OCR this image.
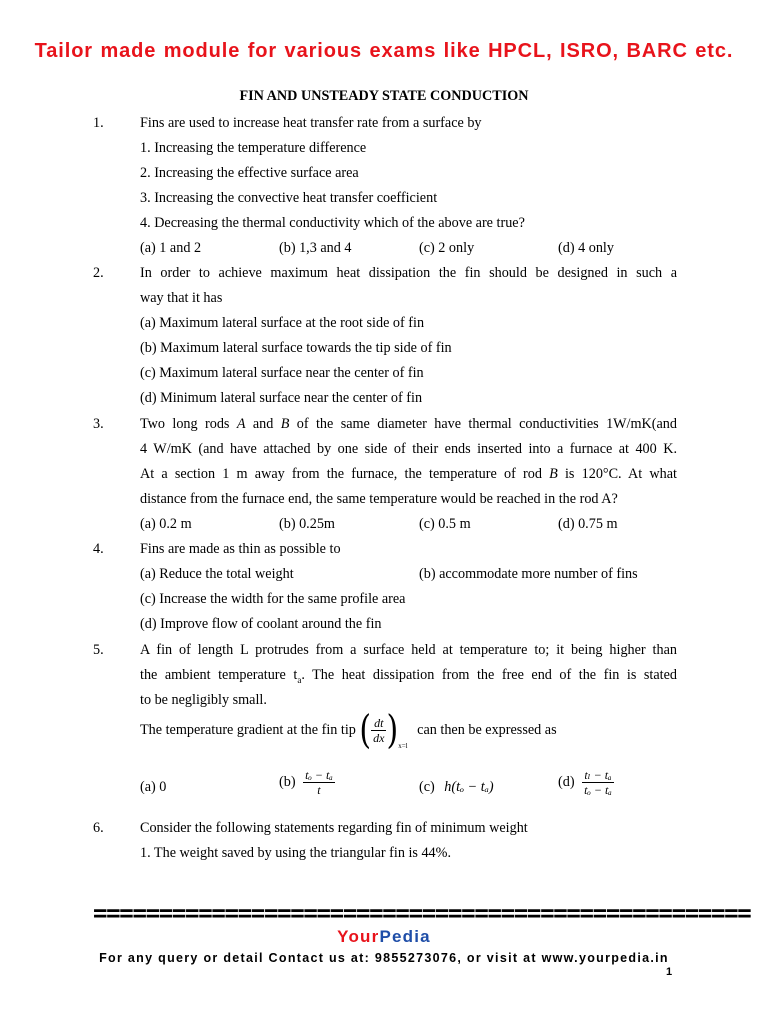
Tailor made module for various exams like HPCL, ISRO, BARC etc.
FIN AND UNSTEADY STATE CONDUCTION
1.	Fins are used to increase heat transfer rate from a surface by
1. Increasing the temperature difference
2. Increasing the effective surface area
3. Increasing the convective heat transfer coefficient
4. Decreasing the thermal conductivity which of the above are true?
(a) 1 and 2	(b) 1,3 and 4	(c) 2 only	(d) 4 only
2.	In order to achieve maximum heat dissipation the fin should be designed in such a
way that it has
(a) Maximum lateral surface at the root side of fin
(b) Maximum lateral surface towards the tip side of fin
(c) Maximum lateral surface near the center of fin
(d) Minimum lateral surface near the center of fin
3.	Two long rods A and B of the same diameter have thermal conductivities 1W/mK(and
4 W/mK (and have attached by one side of their ends inserted into a furnace at 400 K.
At a section 1 m away from the furnace, the temperature of rod B is 120°C. At what
distance from the furnace end, the same temperature would be reached in the rod A?
(a) 0.2 m	(b) 0.25m	(c) 0.5 m	(d) 0.75 m
4.	Fins are made as thin as possible to
(a) Reduce the total weight	(b) accommodate more number of fins
(c) Increase the width for the same profile area
(d) Improve flow of coolant around the fin
5.	A fin of length L protrudes from a surface held at temperature to; it being higher than
the ambient temperature $t_a$. The heat dissipation from the free end of the fin is stated
to be negligibly small.
The temperature gradient at the fin tip ( $\frac{dt}{dx} )_{x=l}$ can then be expressed as
(a) 0	$(b) \frac{\text{tₒ − tₐ}}{t}$	(c) h(tₒ − tₐ)	$(d) \frac{\text{tₗ − tₐ}}{\text{tₒ − tₐ}}$
6.	Consider the following statements regarding fin of minimum weight
1. The weight saved by using the triangular fin is 44%.
==================================================
YourPedia
For any query or detail Contact us at: 9855273076, or visit at www.yourpedia.in
1
